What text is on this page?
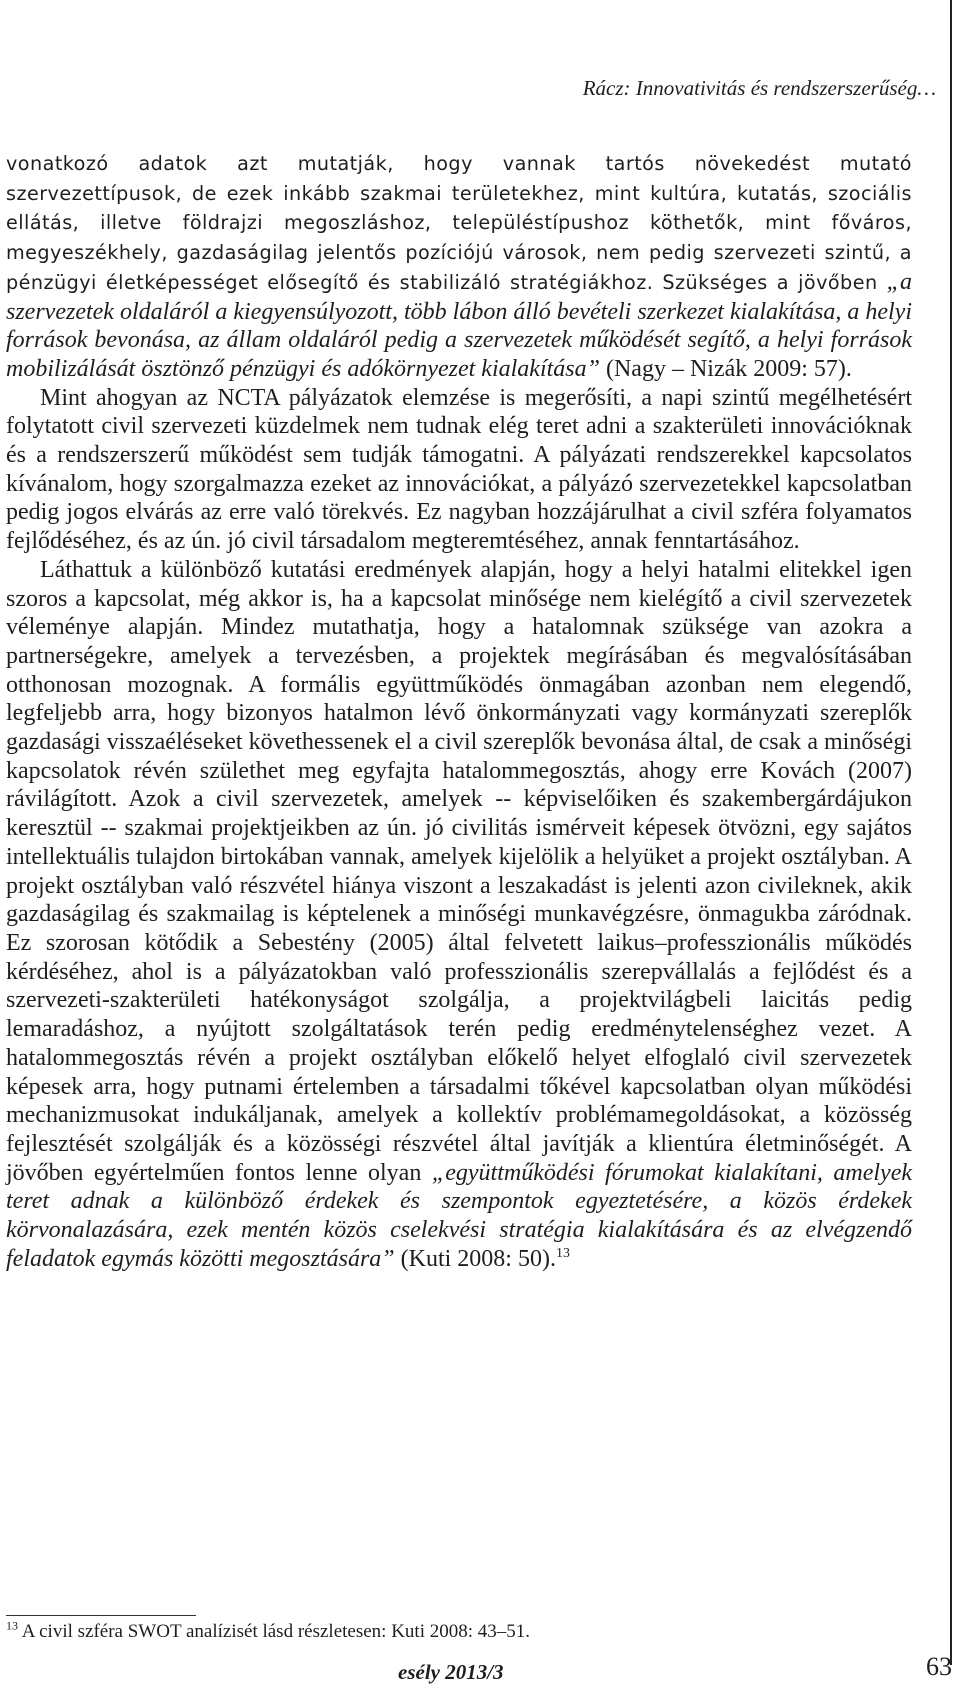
Rácz: Innovativitás és rendszerszerűség…

vonatkozó adatok azt mutatják, hogy vannak tartós növekedést mutató szervezettípusok, de ezek inkább szakmai területekhez, mint kultúra, kutatás, szociális ellátás, illetve földrajzi megoszláshoz, településtípushoz köthetők, mint főváros, megyeszékhely, gazdaságilag jelentős pozíciójú városok, nem pedig szervezeti szintű, a pénzügyi életképességet elősegítő és stabilizáló stratégiákhoz. Szükséges a jövőben „a szervezetek oldaláról a kiegyensúlyozott, több lábon álló bevételi szerkezet kialakítása, a helyi források bevonása, az állam oldaláról pedig a szervezetek működését segítő, a helyi források mobilizálását ösztönző pénzügyi és adókörnyezet kialakítása” (Nagy – Nizák 2009: 57).

Mint ahogyan az NCTA pályázatok elemzése is megerősíti, a napi szintű megélhetésért folytatott civil szervezeti küzdelmek nem tudnak elég teret adni a szakterületi innovációknak és a rendszerszerű működést sem tudják támogatni. A pályázati rendszerekkel kapcsolatos kívánalom, hogy szorgalmazza ezeket az innovációkat, a pályázó szervezetekkel kapcsolatban pedig jogos elvárás az erre való törekvés. Ez nagyban hozzájárulhat a civil szféra folyamatos fejlődéséhez, és az ún. jó civil társadalom megteremtéséhez, annak fenntartásához.

Láthattuk a különböző kutatási eredmények alapján, hogy a helyi hatalmi elitekkel igen szoros a kapcsolat, még akkor is, ha a kapcsolat minősége nem kielégítő a civil szervezetek véleménye alapján. Mindez mutathatja, hogy a hatalomnak szüksége van azokra a partnerségekre, amelyek a tervezésben, a projektek megírásában és megvalósításában otthonosan mozognak. A formális együttműködés önmagában azonban nem elegendő, legfeljebb arra, hogy bizonyos hatalmon lévő önkormányzati vagy kormányzati szereplők gazdasági visszaéléseket követhessenek el a civil szereplők bevonása által, de csak a minőségi kapcsolatok révén születhet meg egyfajta hatalommegosztás, ahogy erre Kovách (2007) rávilágított. Azok a civil szervezetek, amelyek -- képviselőiken és szakembergárdájukon keresztül -- szakmai projektjeikben az ún. jó civilitás ismérveit képesek ötvözni, egy sajátos intellektuális tulajdon birtokában vannak, amelyek kijelölik a helyüket a projekt osztályban. A projekt osztályban való részvétel hiánya viszont a leszakadást is jelenti azon civileknek, akik gazdaságilag és szakmailag is képtelenek a minőségi munkavégzésre, önmagukba záródnak. Ez szorosan kötődik a Sebestény (2005) által felvetett laikus–professzionális működés kérdéséhez, ahol is a pályázatokban való professzionális szerepvállalás a fejlődést és a szervezeti-szakterületi hatékonyságot szolgálja, a projektvilágbeli laicitás pedig lemaradáshoz, a nyújtott szolgáltatások terén pedig eredménytelenséghez vezet. A hatalommegosztás révén a projekt osztályban előkelő helyet elfoglaló civil szervezetek képesek arra, hogy putnami értelemben a társadalmi tőkével kapcsolatban olyan működési mechanizmusokat indukáljanak, amelyek a kollektív problémamegoldásokat, a közösség fejlesztését szolgálják és a közösségi részvétel által javítják a klientúra életminőségét. A jövőben egyértelműen fontos lenne olyan „együttműködési fórumokat kialakítani, amelyek teret adnak a különböző érdekek és szempontok egyeztetésére, a közös érdekek körvonalazására, ezek mentén közös cselekvési stratégia kialakítására és az elvégzendő feladatok egymás közötti megosztására” (Kuti 2008: 50).$^{13}$

$^{13}$ A civil szféra SWOT analízisét lásd részletesen: Kuti 2008: 43–51.
esély 2013/3	63
